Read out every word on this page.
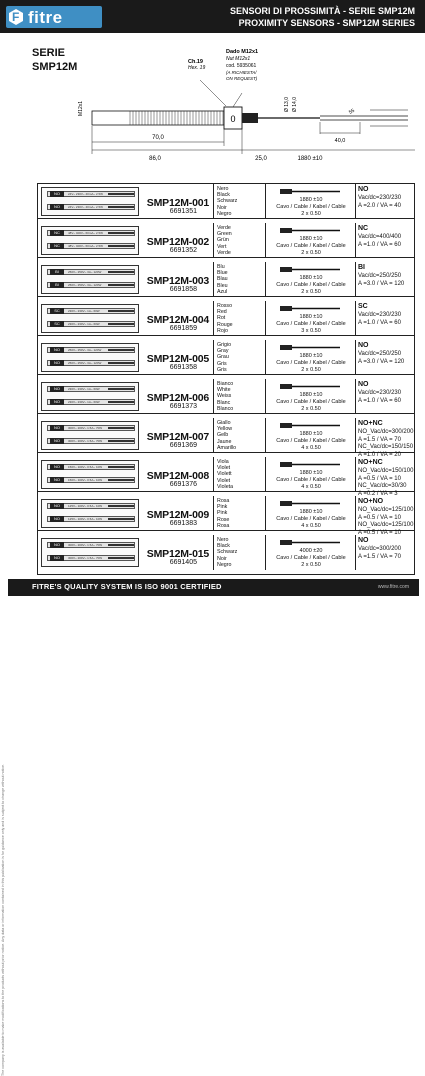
F
fitre	SENSORI DI PROSSIMITÀ - SERIE SMP12M
PROXIMITY SENSORS - SMP12M SERIES
The company is available to make modifications to the products without prior notice. Any data or information contained in this publication is for guidance only and is subject to change without notice.
SERIE
SMP12M
0
Ch.19
Hex. 19
Dado M12x1
Nut M12x1
cod. 5935061
(A RICHIESTA/
ON REQUEST)
M12x1	Ø 13,0 Ø 14,0	55
70,0
86,0	25,0	1880 ±10
40,0
NO	24V~ 230V~ 40mA~ 2.5W
NO	24V~ 230V~ 40mA~ 2.5W	SMP12M-001
6691351
Nero
Black
Schwarz
Noir
Negro
1880 ±10
Cavo / Cable / Kabel / Cable
2 x 0.50
NO
Vac/dc=230/230
A =2.0 / VA = 40
NC	48V~ 400V~ 60mA~ 2.5W
NC	48V~ 400V~ 60mA~ 2.5W	SMP12M-002
6691352
Verde
Green
Grün
Vert
Verde
1880 ±10
Cavo / Cable / Kabel / Cable
2 x 0.50
NC
Vac/dc=400/400
A =1.0 / VA = 60
BI	250V~ 250V~ 3A~ 120W
BI	250V~ 250V~ 3A~ 120W	SMP12M-003
6691858
Blu
Blue
Blau
Bleu
Azul
1880 ±10
Cavo / Cable / Kabel / Cable
2 x 0.50
BI
Vac/dc=250/250
A =3.0 / VA = 120
SC	230V~ 230V~ 1A~ 60W
SC	230V~ 230V~ 1A~ 60W	SMP12M-004
6691859
Rosso
Red
Rot
Rouge
Rojo
1880 ±10
Cavo / Cable / Kabel / Cable
3 x 0.50
SC
Vac/dc=230/230
A =1.0 / VA = 60
NO	250V~ 250V~ 3A~ 120W
NO	250V~ 250V~ 3A~ 120W	SMP12M-005
6691358
Grigio
Gray
Grau
Gris
Gris
1880 ±10
Cavo / Cable / Kabel / Cable
2 x 0.50
NO
Vac/dc=250/250
A =3.0 / VA = 120
NO	230V~ 230V~ 1A~ 60W
NO	230V~ 230V~ 1A~ 60W	SMP12M-006
6691373
Bianco
White
Weiss
Blanc
Blanco
1880 ±10
Cavo / Cable / Kabel / Cable
2 x 0.50
NO
Vac/dc=230/230
A =1.0 / VA = 60
NO	300V~ 200V~ 1.5A~ 70W
NO	300V~ 200V~ 1.5A~ 70W	SMP12M-007
6691369
Giallo
Yellow
Gelb
Jaune
Amarillo
1880 ±10
Cavo / Cable / Kabel / Cable
4 x 0.50
NO+NC
NO_Vac/dc=300/200
A =1.5 / VA = 70
NC_Vac/dc=150/150
A =1.0 / VA = 20
NO	150V~ 100V~ 0.5A~ 10W
NO	150V~ 100V~ 0.5A~ 10W	SMP12M-008
6691376
Viola
Violet
Violett
Violet
Violeta
1880 ±10
Cavo / Cable / Kabel / Cable
4 x 0.50
NO+NC
NO_Vac/dc=150/100
A =0.5 / VA = 10
NC_Vac/dc=30/30
A =0.2 / VA = 3
NO	125V~ 100V~ 0.5A~ 10W
NO	125V~ 100V~ 0.5A~ 10W	SMP12M-009
6691383
Rosa
Pink
Pink
Rose
Rosa
1880 ±10
Cavo / Cable / Kabel / Cable
4 x 0.50
NO+NO
NO_Vac/dc=125/100
A =0.5 / VA = 10
NO_Vac/dc=125/100
A =0.5 / VA = 10
NO	300V~ 200V~ 1.5A~ 70W
NO	300V~ 200V~ 1.5A~ 70W	SMP12M-015
6691405
Nero
Black
Schwarz
Noir
Negro
4000 ±20
Cavo / Cable / Kabel / Cable
2 x 0.50
NO
Vac/dc=300/200
A =1.5 / VA = 70
FITRE'S QUALITY SYSTEM IS ISO 9001 CERTIFIED	www.fitre.com
